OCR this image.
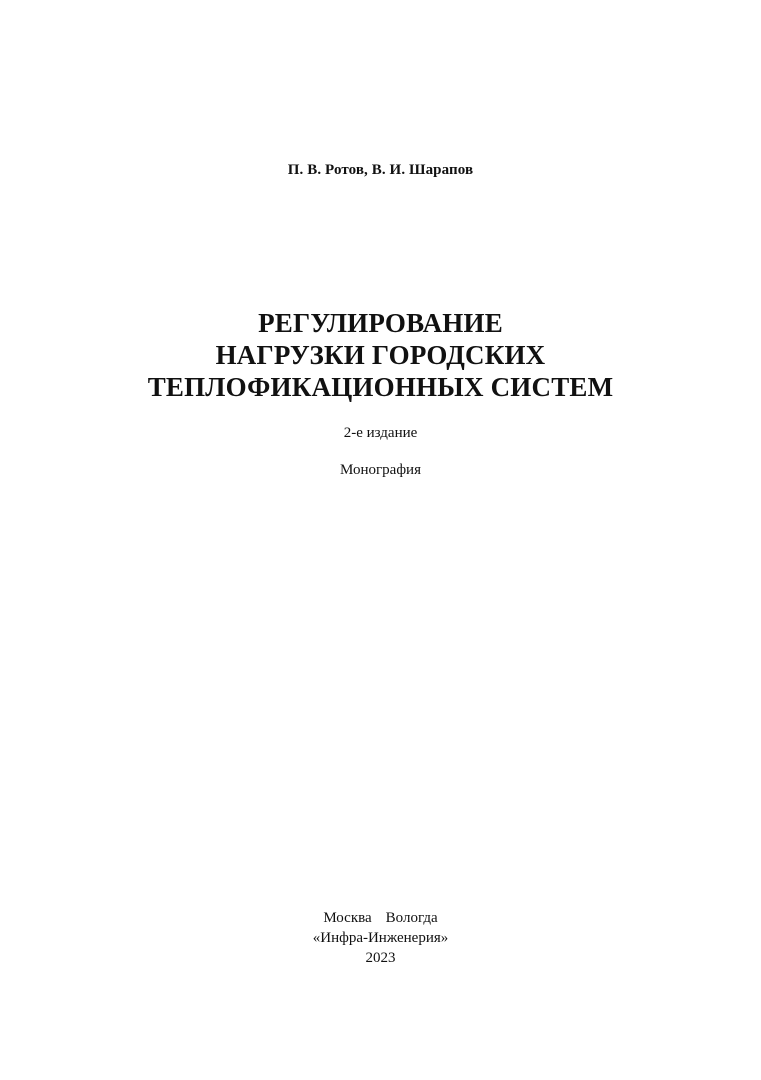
П. В. Ротов, В. И. Шарапов
РЕГУЛИРОВАНИЕ
НАГРУЗКИ ГОРОДСКИХ
ТЕПЛОФИКАЦИОННЫХ СИСТЕМ
2-е издание
Монография
Москва Вологда
«Инфра-Инженерия»
2023
